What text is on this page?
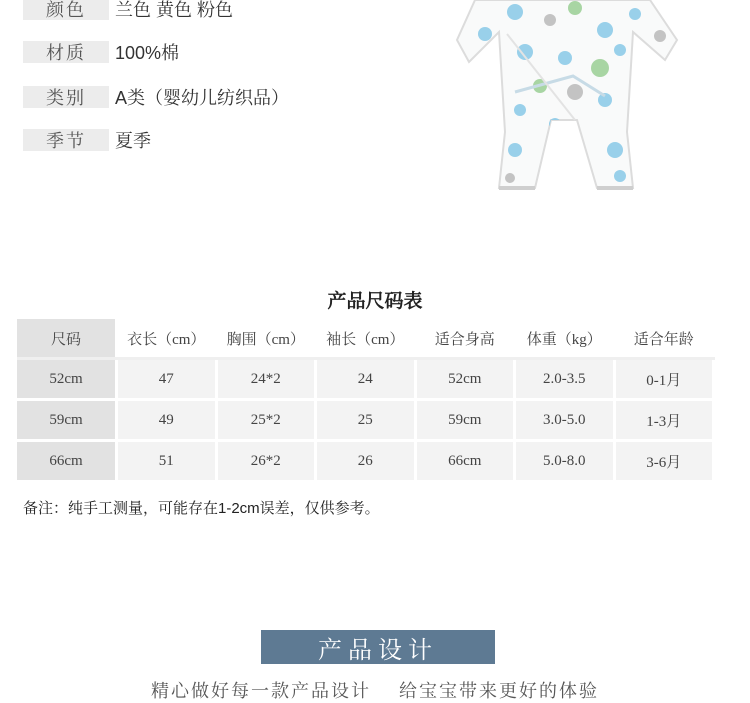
颜色	兰色 黄色 粉色
材质	100%棉
类别	A类（婴幼儿纺织品）
季节	夏季
产品尺码表
尺码	衣长（cm）	胸围（cm）	袖长（cm）	适合身高	体重（kg）	适合年龄
52cm	47	24*2	24	52cm	2.0-3.5	0-1月
59cm	49	25*2	25	59cm	3.0-5.0	1-3月
66cm	51	26*2	26	66cm	5.0-8.0	3-6月
备注：纯手工测量，可能存在1-2cm误差，仅供参考。
产品设计
精心做好每一款产品设计    给宝宝带来更好的体验
